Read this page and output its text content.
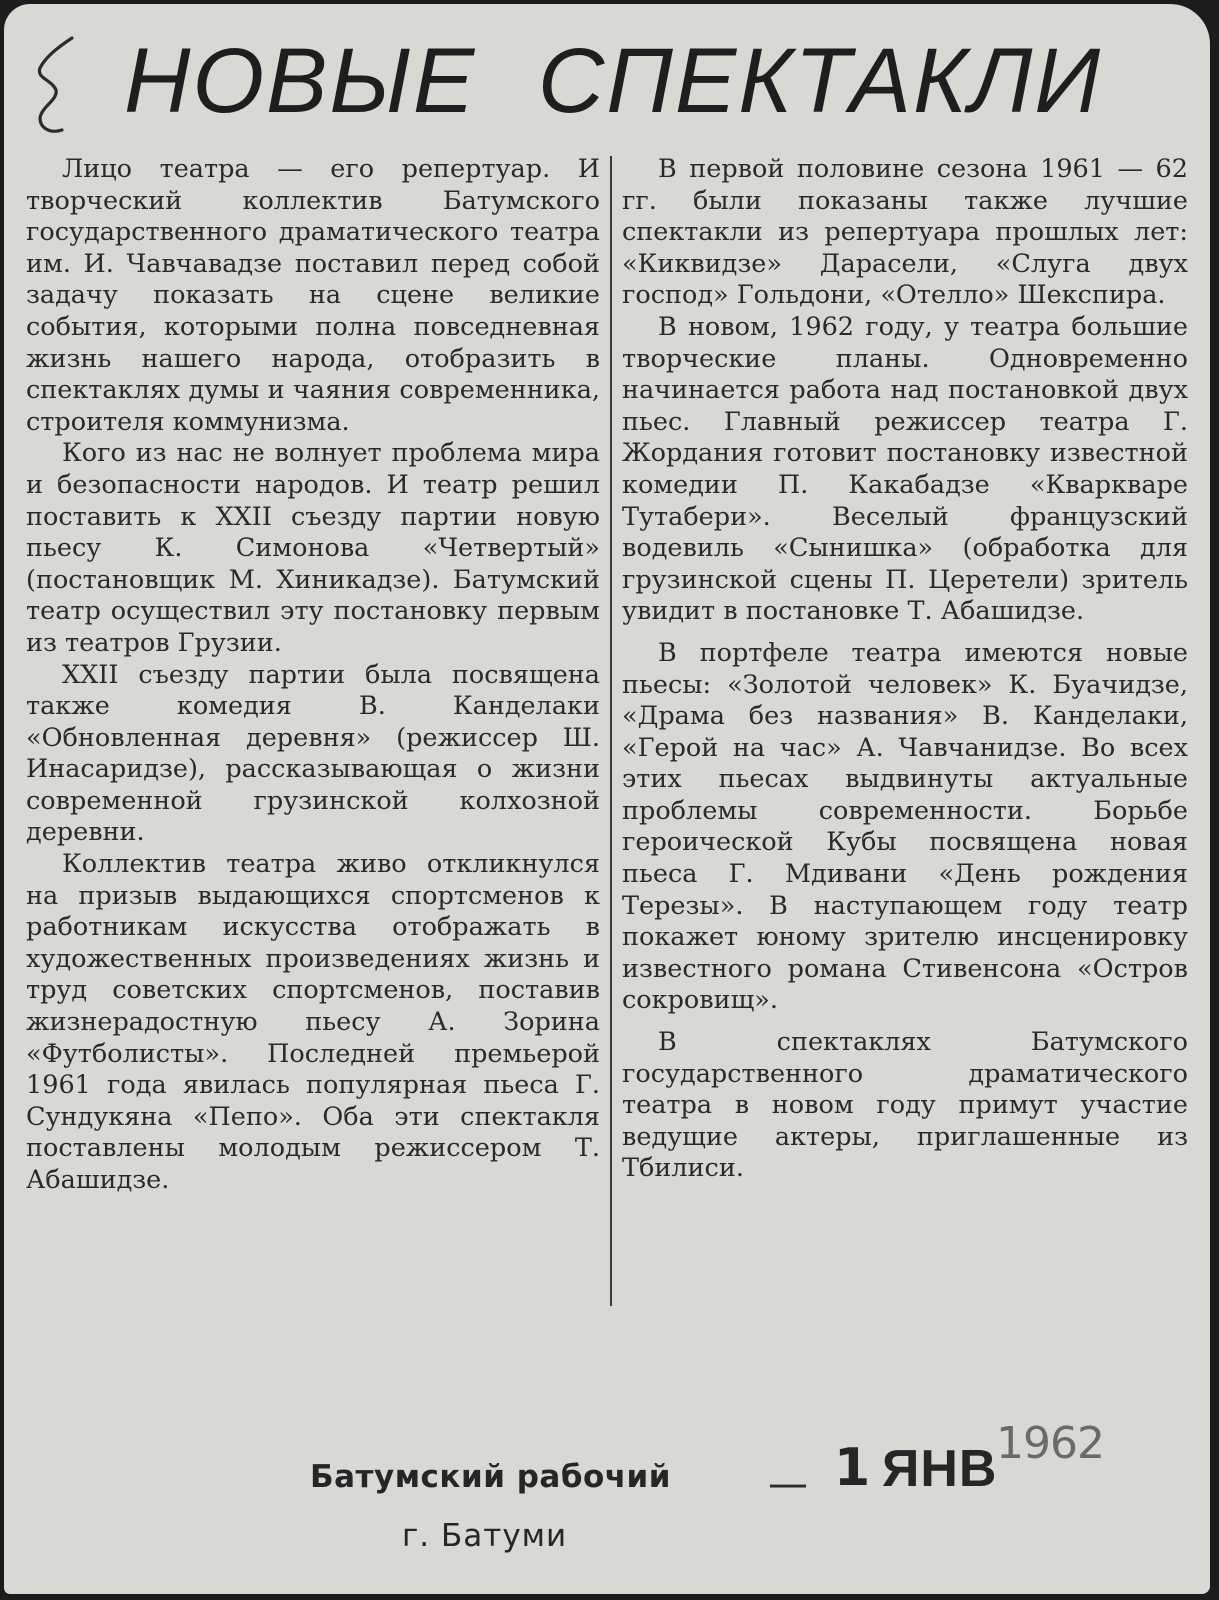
НОВЫЕ СПЕКТАКЛИ

Лицо театра — его репертуар. И творческий коллектив Батумского государственного драматического театра им. И. Чавчавадзе поставил перед собой задачу показать на сцене великие события, которыми полна повседневная жизнь нашего народа, отобразить в спектаклях думы и чаяния современника, строителя коммунизма.

Кого из нас не волнует проблема мира и безопасности народов. И театр решил поставить к XXII съезду партии новую пьесу К. Симонова «Четвертый» (постановщик М. Хиникадзе). Батумский театр осуществил эту постановку первым из театров Грузии.

XXII съезду партии была посвящена также комедия В. Канделаки «Обновленная деревня» (режиссер Ш. Инасаридзе), рассказывающая о жизни современной грузинской колхозной деревни.

Коллектив театра живо откликнулся на призыв выдающихся спортсменов к работникам искусства отображать в художественных произведениях жизнь и труд советских спортсменов, поставив жизнерадостную пьесу А. Зорина «Футболисты». Последней премьерой 1961 года явилась популярная пьеса Г. Сундукяна «Пепо». Оба эти спектакля поставлены молодым режиссером Т. Абашидзе.

В первой половине сезона 1961 — 62 гг. были показаны также лучшие спектакли из репертуара прошлых лет: «Киквидзе» Дарасели, «Слуга двух господ» Гольдони, «Отелло» Шекспира.

В новом, 1962 году, у театра большие творческие планы. Одновременно начинается работа над постановкой двух пьес. Главный режиссер театра Г. Жордания готовит постановку известной комедии П. Какабадзе «Кваркваре Тутабери». Веселый французский водевиль «Сынишка» (обработка для грузинской сцены П. Церетели) зритель увидит в постановке Т. Абашидзе.

В портфеле театра имеются новые пьесы: «Золотой человек» К. Буачидзе, «Драма без названия» В. Канделаки, «Герой на час» А. Чавчанидзе. Во всех этих пьесах выдвинуты актуальные проблемы современности. Борьбе героической Кубы посвящена новая пьеса Г. Мдивани «День рождения Терезы». В наступающем году театр покажет юному зрителю инсценировку известного романа Стивенсона «Остров сокровищ».

В спектаклях Батумского государственного драматического театра в новом году примут участие ведущие актеры, приглашенные из Тбилиси.

Батумский рабочий
г. Батуми
— 1 ЯНВ
1962
